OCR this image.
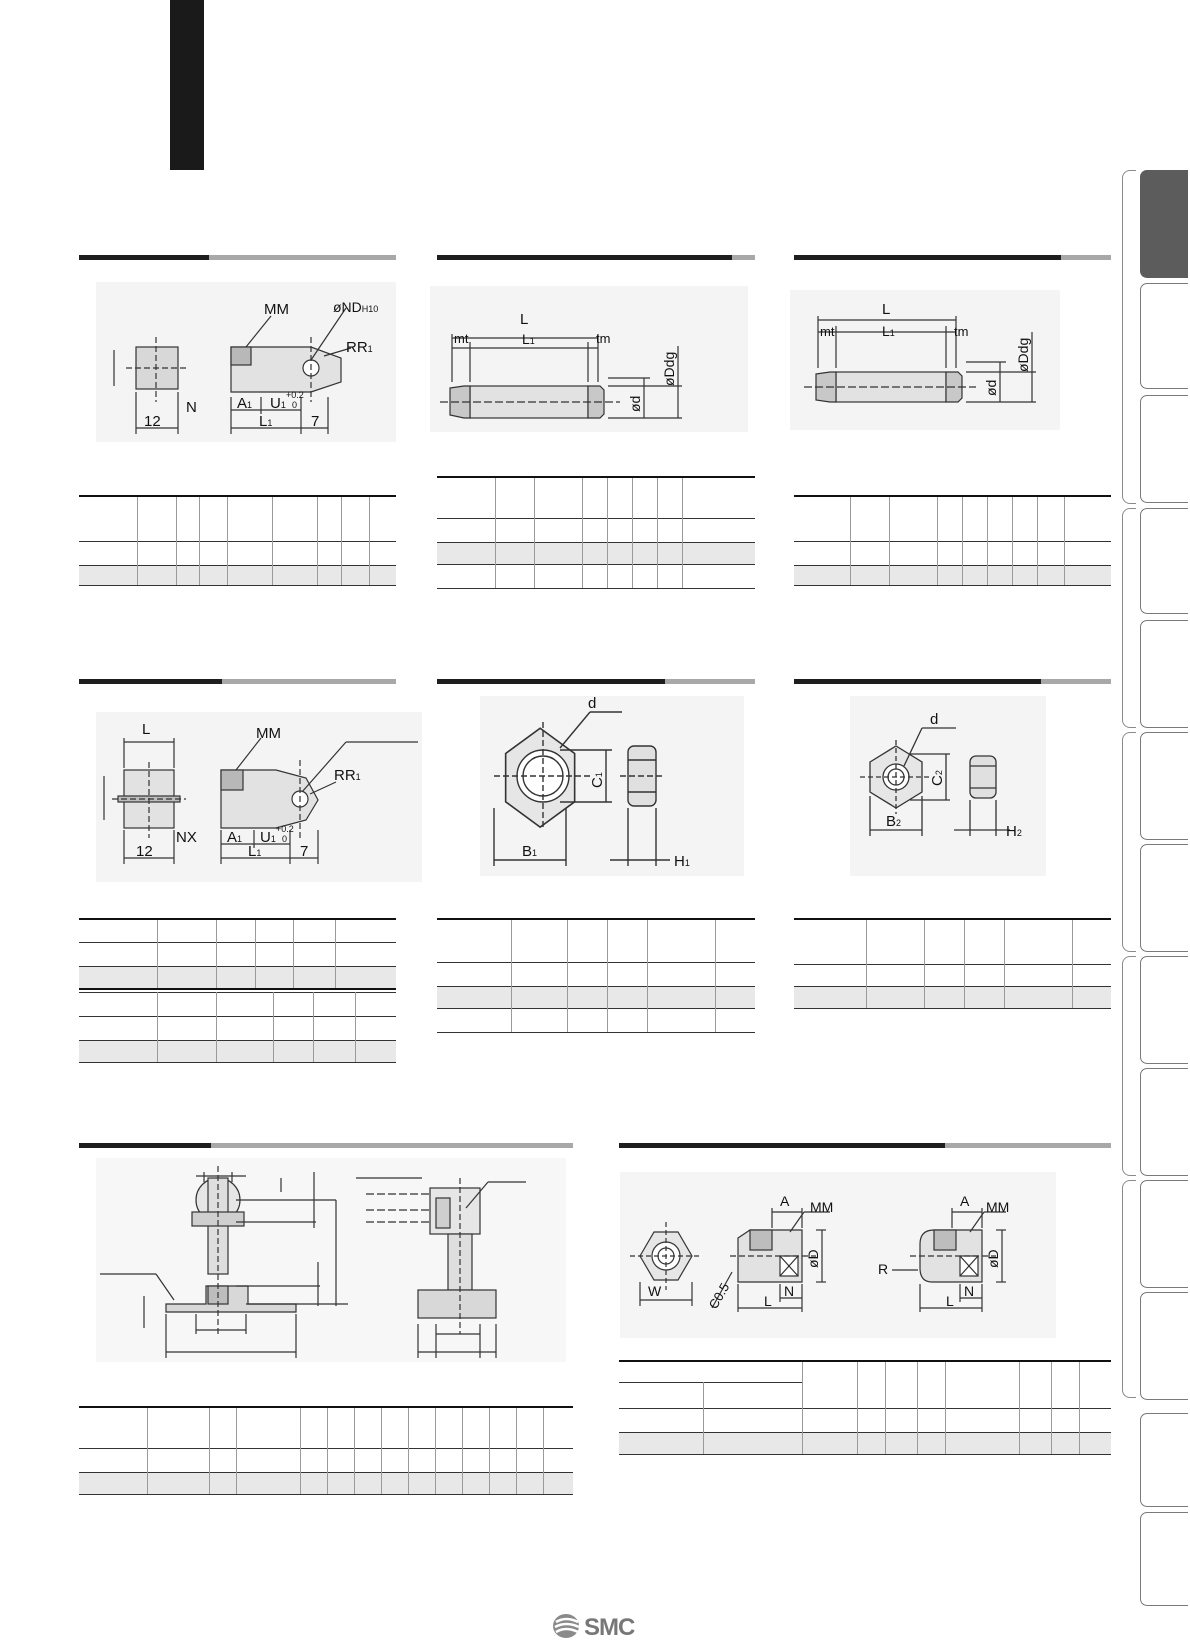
MM	øNDH10
RR1
N	A1 U1
+0.2
0
12	L1	7
L
mt	L1	tm
øDdg
ød
L
mt	L1	tm
øDdg
ød
L	MM
RR1
NX A1 U1
+0.2
0
12	L1	7
d
C1
B1	H1
d
C2
B2	H2
W
A MM
øD
C0.5 L
N
A MM
øD
R
L
N
SMC
